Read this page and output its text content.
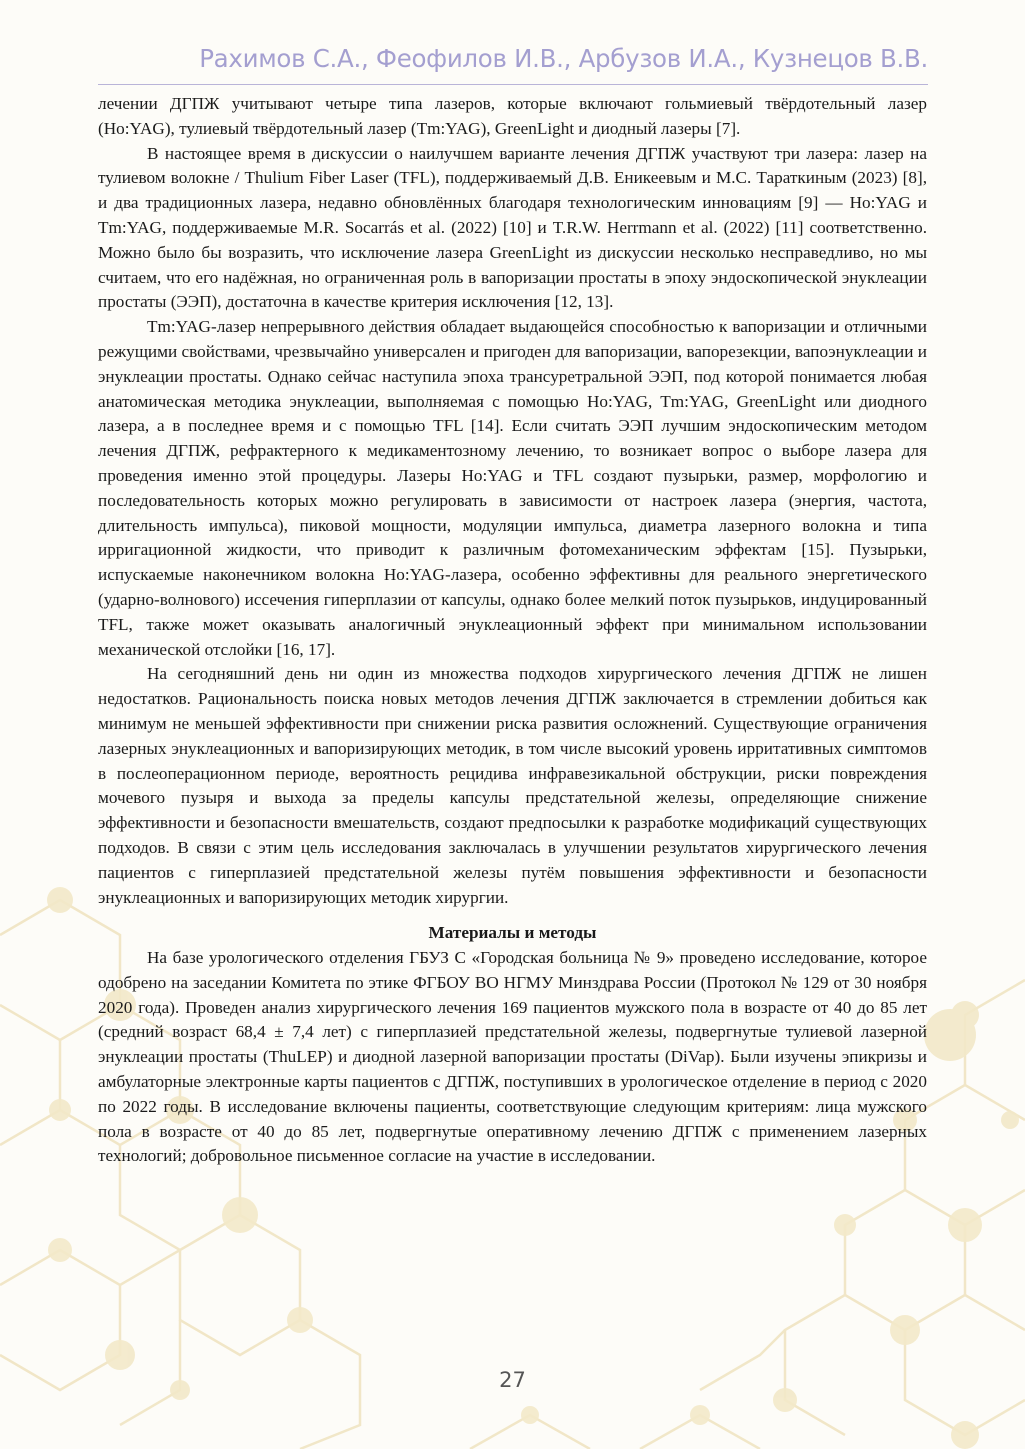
Рахимов С.А., Феофилов И.В., Арбузов И.А., Кузнецов В.В.

лечении ДГПЖ учитывают четыре типа лазеров, которые включают гольмиевый твёрдотельный лазер (Ho:YAG), тулиевый твёрдотельный лазер (Tm:YAG), GreenLight и диодный лазеры [7].

В настоящее время в дискуссии о наилучшем варианте лечения ДГПЖ участвуют три лазера: лазер на тулиевом волокне / Thulium Fiber Laser (TFL), поддерживаемый Д.В. Еникеевым и М.С. Тараткиным (2023) [8], и два традиционных лазера, недавно обновлённых благодаря технологическим инновациям [9] — Ho:YAG и Tm:YAG, поддерживаемые M.R. Socarrás et al. (2022) [10] и T.R.W. Herrmann et al. (2022) [11] соответственно. Можно было бы возразить, что исключение лазера GreenLight из дискуссии несколько несправедливо, но мы считаем, что его надёжная, но ограниченная роль в вапоризации простаты в эпоху эндоскопической энуклеации простаты (ЭЭП), достаточна в качестве критерия исключения [12, 13].

Tm:YAG-лазер непрерывного действия обладает выдающейся способностью к вапоризации и отличными режущими свойствами, чрезвычайно универсален и пригоден для вапоризации, вапорезекции, вапоэнуклеации и энуклеации простаты. Однако сейчас наступила эпоха трансуретральной ЭЭП, под которой понимается любая анатомическая методика энуклеации, выполняемая с помощью Ho:YAG, Tm:YAG, GreenLight или диодного лазера, а в последнее время и с помощью TFL [14]. Если считать ЭЭП лучшим эндоскопическим методом лечения ДГПЖ, рефрактерного к медикаментозному лечению, то возникает вопрос о выборе лазера для проведения именно этой процедуры. Лазеры Ho:YAG и TFL создают пузырьки, размер, морфологию и последовательность которых можно регулировать в зависимости от настроек лазера (энергия, частота, длительность импульса), пиковой мощности, модуляции импульса, диаметра лазерного волокна и типа ирригационной жидкости, что приводит к различным фотомеханическим эффектам [15]. Пузырьки, испускаемые наконечником волокна Ho:YAG-лазера, особенно эффективны для реального энергетического (ударно-волнового) иссечения гиперплазии от капсулы, однако более мелкий поток пузырьков, индуцированный TFL, также может оказывать аналогичный энуклеационный эффект при минимальном использовании механической отслойки [16, 17].

На сегодняшний день ни один из множества подходов хирургического лечения ДГПЖ не лишен недостатков. Рациональность поиска новых методов лечения ДГПЖ заключается в стремлении добиться как минимум не меньшей эффективности при снижении риска развития осложнений. Существующие ограничения лазерных энуклеационных и вапоризирующих методик, в том числе высокий уровень ирритативных симптомов в послеоперационном периоде, вероятность рецидива инфравезикальной обструкции, риски повреждения мочевого пузыря и выхода за пределы капсулы предстательной железы, определяющие снижение эффективности и безопасности вмешательств, создают предпосылки к разработке модификаций существующих подходов. В связи с этим цель исследования заключалась в улучшении результатов хирургического лечения пациентов с гиперплазией предстательной железы путём повышения эффективности и безопасности энуклеационных и вапоризирующих методик хирургии.

Материалы и методы

На базе урологического отделения ГБУЗ С «Городская больница № 9» проведено исследование, которое одобрено на заседании Комитета по этике ФГБОУ ВО НГМУ Минздрава России (Протокол № 129 от 30 ноября 2020 года). Проведен анализ хирургического лечения 169 пациентов мужского пола в возрасте от 40 до 85 лет (средний возраст 68,4 ± 7,4 лет) с гиперплазией предстательной железы, подвергнутые тулиевой лазерной энуклеации простаты (ThuLEP) и диодной лазерной вапоризации простаты (DiVap). Были изучены эпикризы и амбулаторные электронные карты пациентов с ДГПЖ, поступивших в урологическое отделение в период с 2020 по 2022 годы. В исследование включены пациенты, соответствующие следующим критериям: лица мужского пола в возрасте от 40 до 85 лет, подвергнутые оперативному лечению ДГПЖ с применением лазерных технологий; добровольное письменное согласие на участие в исследовании.

27
